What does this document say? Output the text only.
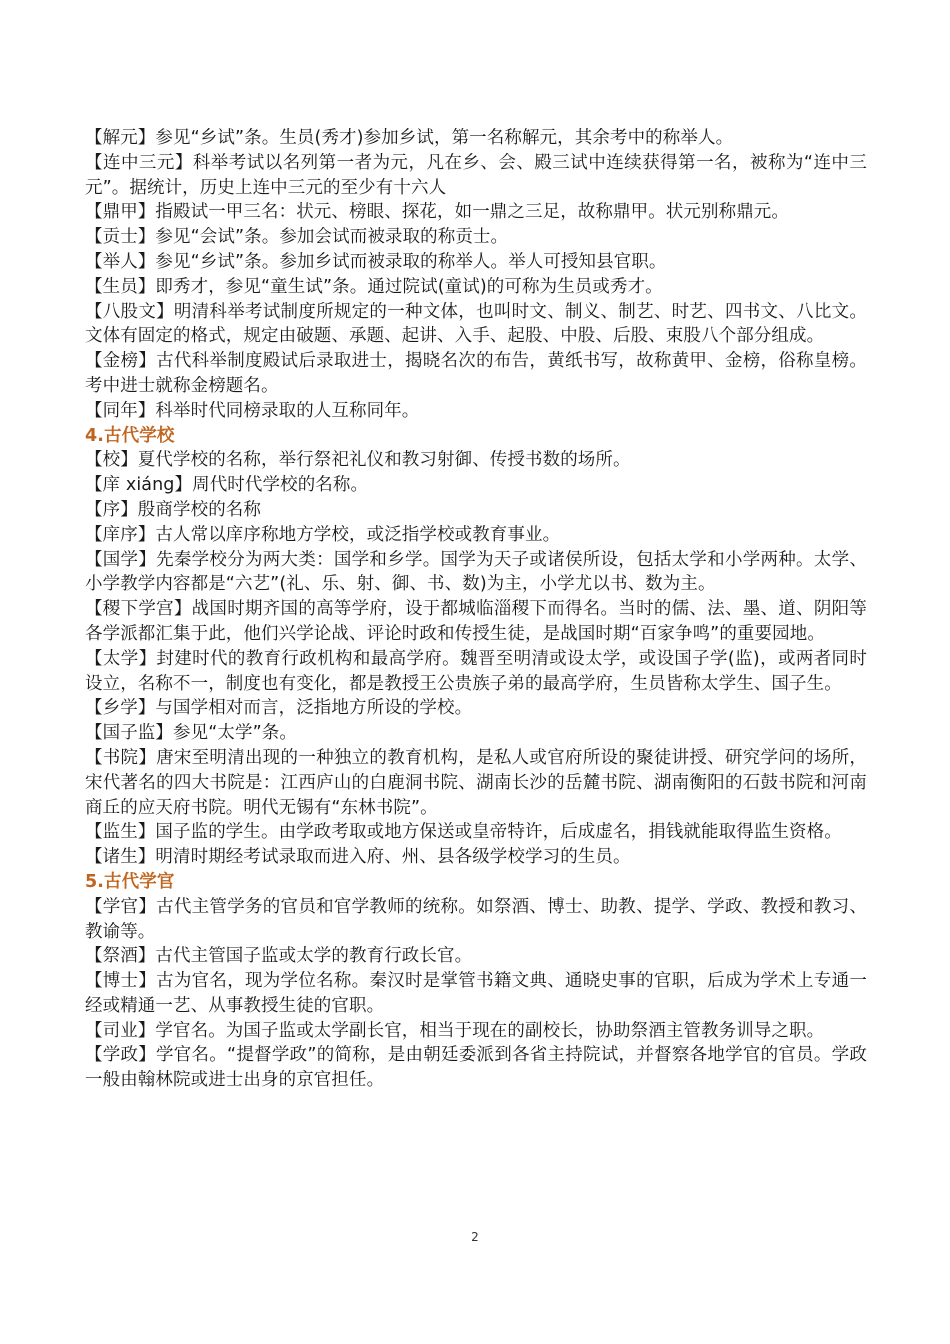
【解元】参见“乡试”条。生员(秀才)参加乡试，第一名称解元，其余考中的称举人。

【连中三元】科举考试以名列第一者为元，凡在乡、会、殿三试中连续获得第一名，被称为“连中三元”。据统计，历史上连中三元的至少有十六人

【鼎甲】指殿试一甲三名：状元、榜眼、探花，如一鼎之三足，故称鼎甲。状元别称鼎元。

【贡士】参见“会试”条。参加会试而被录取的称贡士。

【举人】参见“乡试”条。参加乡试而被录取的称举人。举人可授知县官职。

【生员】即秀才，参见“童生试”条。通过院试(童试)的可称为生员或秀才。

【八股文】明清科举考试制度所规定的一种文体，也叫时文、制义、制艺、时艺、四书文、八比文。文体有固定的格式，规定由破题、承题、起讲、入手、起股、中股、后股、束股八个部分组成。

【金榜】古代科举制度殿试后录取进士，揭晓名次的布告，黄纸书写，故称黄甲、金榜，俗称皇榜。考中进士就称金榜题名。

【同年】科举时代同榜录取的人互称同年。

4.古代学校

【校】夏代学校的名称，举行祭祀礼仪和教习射御、传授书数的场所。

【庠 xiáng】周代时代学校的名称。

【序】殷商学校的名称

【庠序】古人常以庠序称地方学校，或泛指学校或教育事业。

【国学】先秦学校分为两大类：国学和乡学。国学为天子或诸侯所设，包括太学和小学两种。太学、小学教学内容都是“六艺”(礼、乐、射、御、书、数)为主，小学尤以书、数为主。

【稷下学宫】战国时期齐国的高等学府，设于都城临淄稷下而得名。当时的儒、法、墨、道、阴阳等各学派都汇集于此，他们兴学论战、评论时政和传授生徒，是战国时期“百家争鸣”的重要园地。

【太学】封建时代的教育行政机构和最高学府。魏晋至明清或设太学，或设国子学(监)，或两者同时设立，名称不一，制度也有变化，都是教授王公贵族子弟的最高学府，生员皆称太学生、国子生。

【乡学】与国学相对而言，泛指地方所设的学校。

【国子监】参见“太学”条。

【书院】唐宋至明清出现的一种独立的教育机构，是私人或官府所设的聚徒讲授、研究学问的场所，宋代著名的四大书院是：江西庐山的白鹿洞书院、湖南长沙的岳麓书院、湖南衡阳的石鼓书院和河南商丘的应天府书院。明代无锡有“东林书院”。

【监生】国子监的学生。由学政考取或地方保送或皇帝特许，后成虚名，捐钱就能取得监生资格。

【诸生】明清时期经考试录取而进入府、州、县各级学校学习的生员。

5.古代学官

【学官】古代主管学务的官员和官学教师的统称。如祭酒、博士、助教、提学、学政、教授和教习、教谕等。

【祭酒】古代主管国子监或太学的教育行政长官。

【博士】古为官名，现为学位名称。秦汉时是掌管书籍文典、通晓史事的官职，后成为学术上专通一经或精通一艺、从事教授生徒的官职。

【司业】学官名。为国子监或太学副长官，相当于现在的副校长，协助祭酒主管教务训导之职。

【学政】学官名。“提督学政”的简称，是由朝廷委派到各省主持院试，并督察各地学官的官员。学政一般由翰林院或进士出身的京官担任。

2
